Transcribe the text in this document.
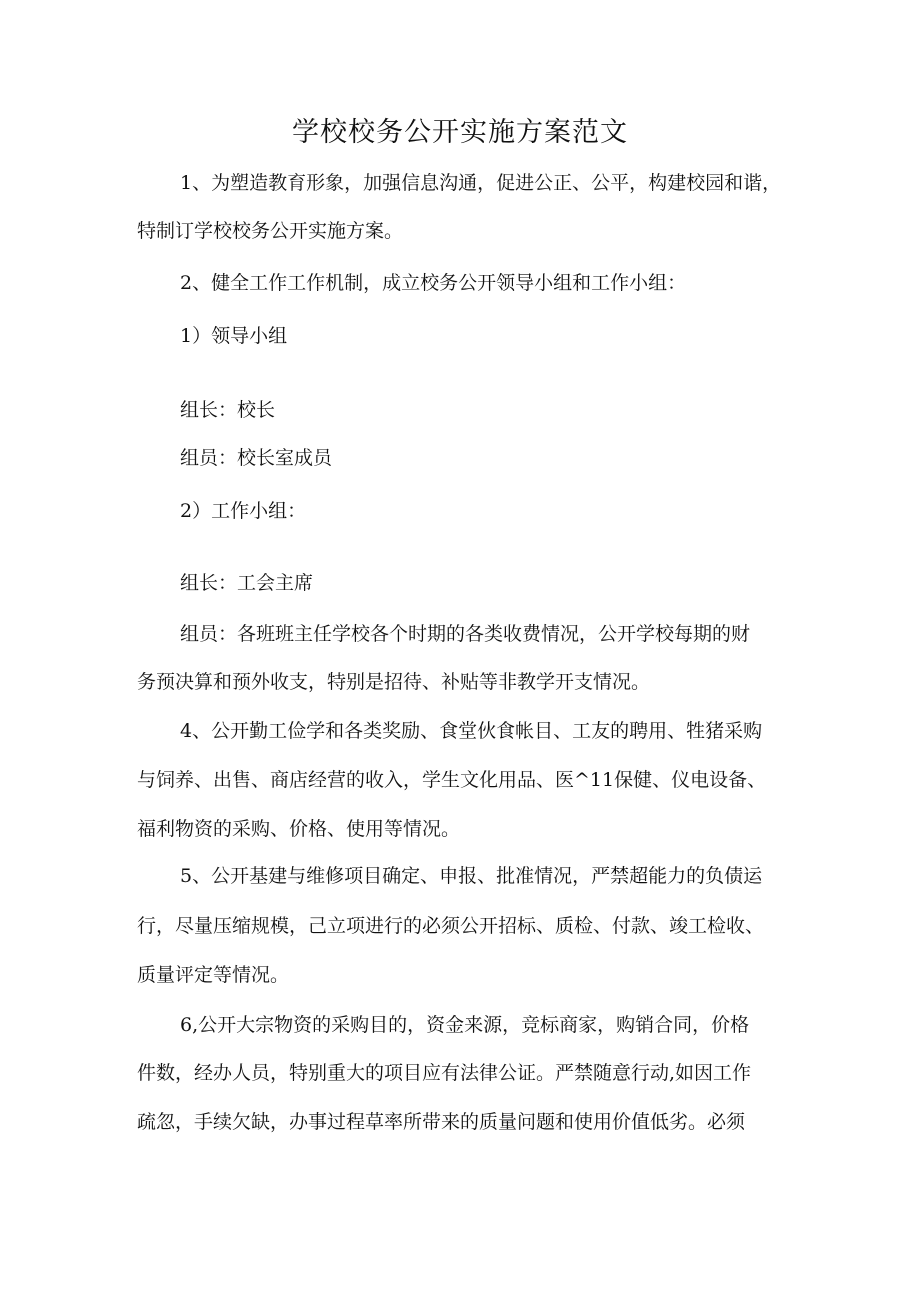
学校校务公开实施方案范文
1、为塑造教育形象，加强信息沟通，促进公正、公平，构建校园和谐，
特制订学校校务公开实施方案。
2、健全工作工作机制，成立校务公开领导小组和工作小组：
1）领导小组
组长：校长
组员：校长室成员
2）工作小组：
组长：工会主席
组员：各班班主任学校各个时期的各类收费情况，公开学校每期的财
务预决算和预外收支，特别是招待、补贴等非教学开支情况。
4、公开勤工俭学和各类奖励、食堂伙食帐目、工友的聘用、牲猪采购
与饲养、出售、商店经营的收入，学生文化用品、医^11保健、仪电设备、
福利物资的采购、价格、使用等情况。
5、公开基建与维修项目确定、申报、批准情况，严禁超能力的负债运
行，尽量压缩规模，己立项进行的必须公开招标、质检、付款、竣工检收、
质量评定等情况。
6,公开大宗物资的采购目的，资金来源，竞标商家，购销合同，价格
件数，经办人员，特别重大的项目应有法律公证。严禁随意行动,如因工作
疏忽，手续欠缺，办事过程草率所带来的质量问题和使用价值低劣。必须
